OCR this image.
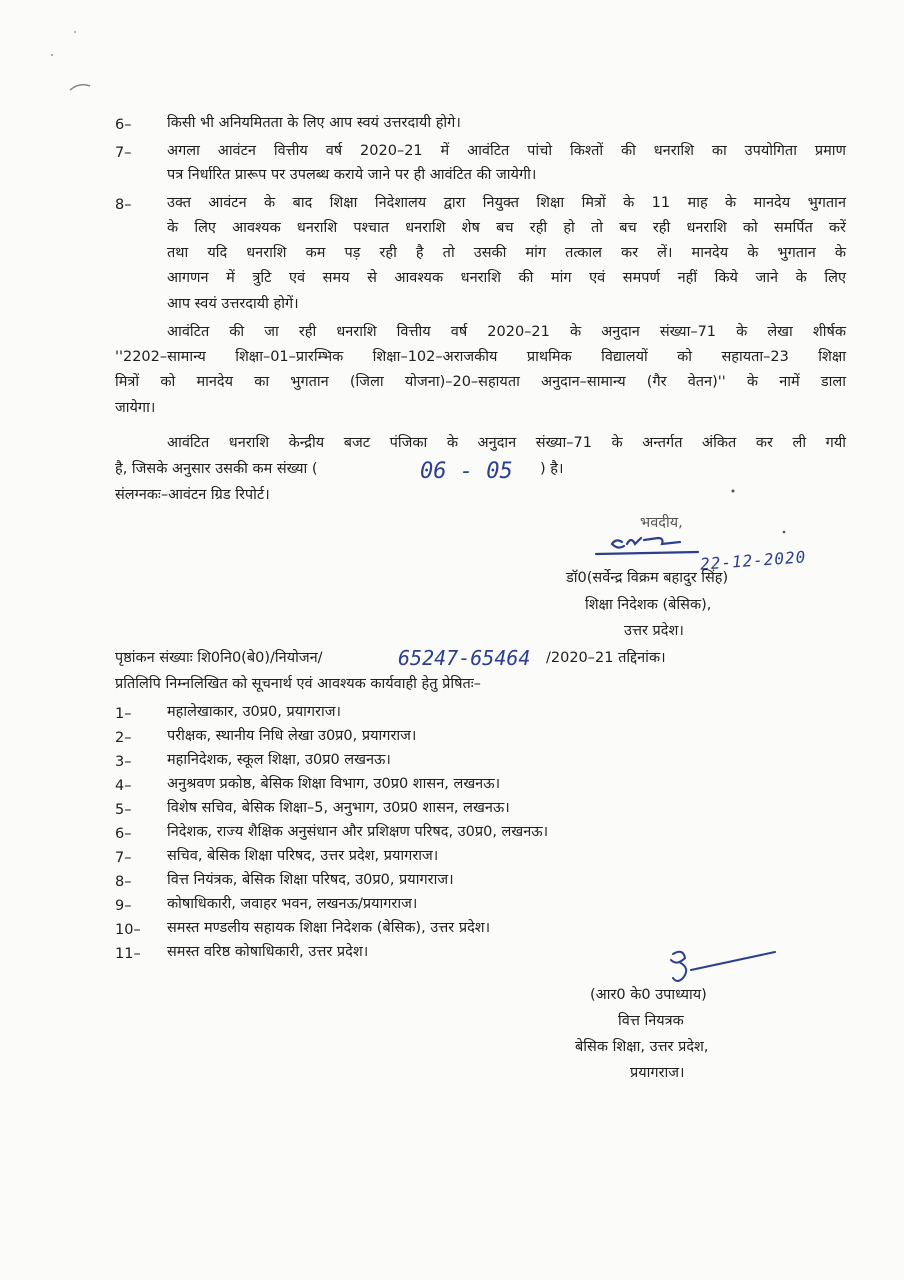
6– किसी भी अनियमितता के लिए आप स्वयं उत्तरदायी होगे।
7– अगला आवंटन वित्तीय वर्ष 2020–21 में आवंटित पांचो किश्तों की धनराशि का उपयोगिता प्रमाण
पत्र निर्धारित प्रारूप पर उपलब्ध कराये जाने पर ही आवंटित की जायेगी।
8– उक्त आवंटन के बाद शिक्षा निदेशालय द्वारा नियुक्त शिक्षा मित्रों के 11 माह के मानदेय भुगतान
के लिए आवश्यक धनराशि पश्चात धनराशि शेष बच रही हो तो बच रही धनराशि को समर्पित करें
तथा यदि धनराशि कम पड़ रही है तो उसकी मांग तत्काल कर लें। मानदेय के भुगतान के
आगणन में त्रुटि एवं समय से आवश्यक धनराशि की मांग एवं समपर्ण नहीं किये जाने के लिए
आप स्वयं उत्तरदायी होगें।
आवंटित की जा रही धनराशि वित्तीय वर्ष 2020–21 के अनुदान संख्या–71 के लेखा शीर्षक
''2202–सामान्य शिक्षा–01–प्रारम्भिक शिक्षा–102–अराजकीय प्राथमिक विद्यालयों को सहायता–23 शिक्षा
मित्रों को मानदेय का भुगतान (जिला योजना)–20–सहायता अनुदान–सामान्य (गैर वेतन)'' के नामें डाला
जायेगा।
आवंटित धनराशि केन्द्रीय बजट पंजिका के अनुदान संख्या–71 के अन्तर्गत अंकित कर ली गयी
है, जिसके अनुसार उसकी कम संख्या (	06 - 05 ) है।
संलग्नकः–आवंटन ग्रिड रिपोर्ट।
भवदीय,
22-12-2020
डॉ0(सर्वेन्द्र विक्रम बहादुर सिंह)
शिक्षा निदेशक (बेसिक),
उत्तर प्रदेश।
पृष्ठांकन संख्याः शि0नि0(बे0)/नियोजन/	65247-65464 /2020–21 तद्दिनांक।
प्रतिलिपि निम्नलिखित को सूचनार्थ एवं आवश्यक कार्यवाही हेतु प्रेषितः–
1– महालेखाकार, उ0प्र0, प्रयागराज।
2– परीक्षक, स्थानीय निधि लेखा उ0प्र0, प्रयागराज।
3– महानिदेशक, स्कूल शिक्षा, उ0प्र0 लखनऊ।
4– अनुश्रवण प्रकोष्ठ, बेसिक शिक्षा विभाग, उ0प्र0 शासन, लखनऊ।
5– विशेष सचिव, बेसिक शिक्षा–5, अनुभाग, उ0प्र0 शासन, लखनऊ।
6– निदेशक, राज्य शैक्षिक अनुसंधान और प्रशिक्षण परिषद, उ0प्र0, लखनऊ।
7– सचिव, बेसिक शिक्षा परिषद, उत्तर प्रदेश, प्रयागराज।
8– वित्त नियंत्रक, बेसिक शिक्षा परिषद, उ0प्र0, प्रयागराज।
9– कोषाधिकारी, जवाहर भवन, लखनऊ/प्रयागराज।
10– समस्त मण्डलीय सहायक शिक्षा निदेशक (बेसिक), उत्तर प्रदेश।
11– समस्त वरिष्ठ कोषाधिकारी, उत्तर प्रदेश।
(आर0 के0 उपाध्याय)
वित्त नियत्रक
बेसिक शिक्षा, उत्तर प्रदेश,
प्रयागराज।
